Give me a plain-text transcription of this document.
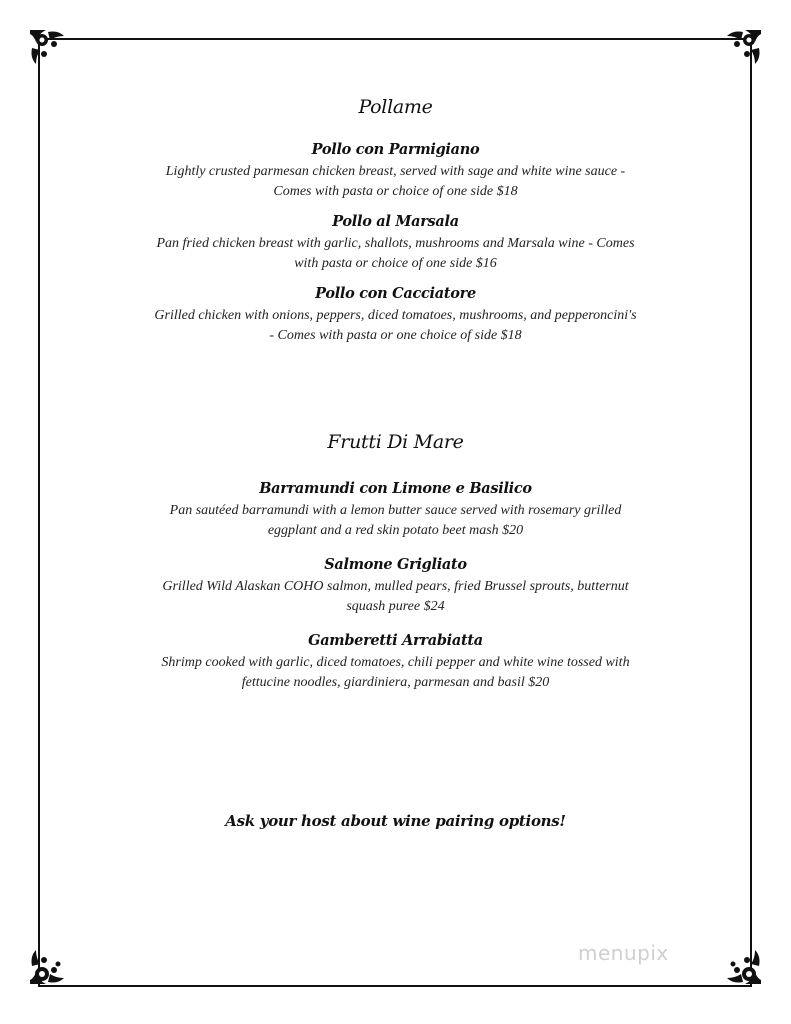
Pollame
Pollo con Parmigiano
Lightly crusted parmesan chicken breast, served with sage and white wine sauce -
Comes with pasta or choice of one side $18
Pollo al Marsala
Pan fried chicken breast with garlic, shallots, mushrooms and Marsala wine - Comes
with pasta or choice of one side $16
Pollo con Cacciatore
Grilled chicken with onions, peppers, diced tomatoes, mushrooms, and pepperoncini's
- Comes with pasta or one choice of side $18
Frutti Di Mare
Barramundi con Limone e Basilico
Pan sautéed barramundi with a lemon butter sauce served with rosemary grilled
eggplant and a red skin potato beet mash $20
Salmone Grigliato
Grilled Wild Alaskan COHO salmon, mulled pears, fried Brussel sprouts, butternut
squash puree $24
Gamberetti Arrabiatta
Shrimp cooked with garlic, diced tomatoes, chili pepper and white wine tossed with
fettucine noodles, giardiniera, parmesan and basil $20
Ask your host about wine pairing options!
menupix
